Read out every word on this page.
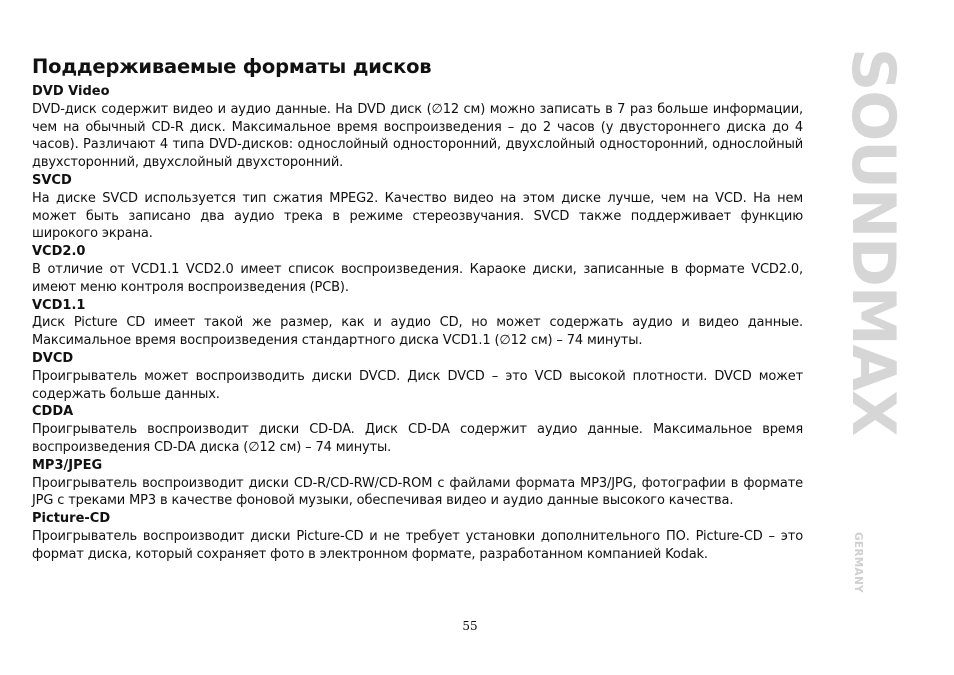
Поддерживаемые форматы дисков

DVD Video

DVD-диск содержит видео и аудио данные. На DVD диск (∅12 см) можно записать в 7 раз больше информации, чем на обычный CD-R диск. Максимальное время воспроизведения – до 2 часов (у двустороннего диска до 4 часов). Различают 4 типа DVD-дисков: однослойный односторонний, двухслойный односторонний, однослойный двухсторонний, двухслойный двухсторонний.

SVCD

На диске SVCD используется тип сжатия MPEG2. Качество видео на этом диске лучше, чем на VCD. На нем может быть записано два аудио трека в режиме стереозвучания. SVCD также поддерживает функцию широкого экрана.

VCD2.0

В отличие от VCD1.1 VCD2.0 имеет список воспроизведения. Караоке диски, записанные в формате VCD2.0, имеют меню контроля воспроизведения (PCB).

VCD1.1

Диск Picture CD имеет такой же размер, как и аудио CD, но может содержать аудио и видео данные. Максимальное время воспроизведения стандартного диска VCD1.1 (∅12 см) – 74 минуты.

DVCD

Проигрыватель может воспроизводить диски DVCD. Диск DVCD – это VCD высокой плотности. DVCD может содержать больше данных.

CDDA

Проигрыватель воспроизводит диски CD-DA. Диск CD-DA содержит аудио данные. Максимальное время воспроизведения CD-DA диска (∅12 см) – 74 минуты.

MP3/JPEG

Проигрыватель воспроизводит диски CD-R/CD-RW/CD-ROM с файлами формата MP3/JPG, фотографии в формате JPG с треками MP3 в качестве фоновой музыки, обеспечивая видео и аудио данные высокого качества.

Picture-CD

Проигрыватель воспроизводит диски Picture-CD и не требует установки дополнительного ПО. Picture-CD – это формат диска, который сохраняет фото в электронном формате, разработанном компанией Kodak.

SOUNDMAX
GERMANY
55
